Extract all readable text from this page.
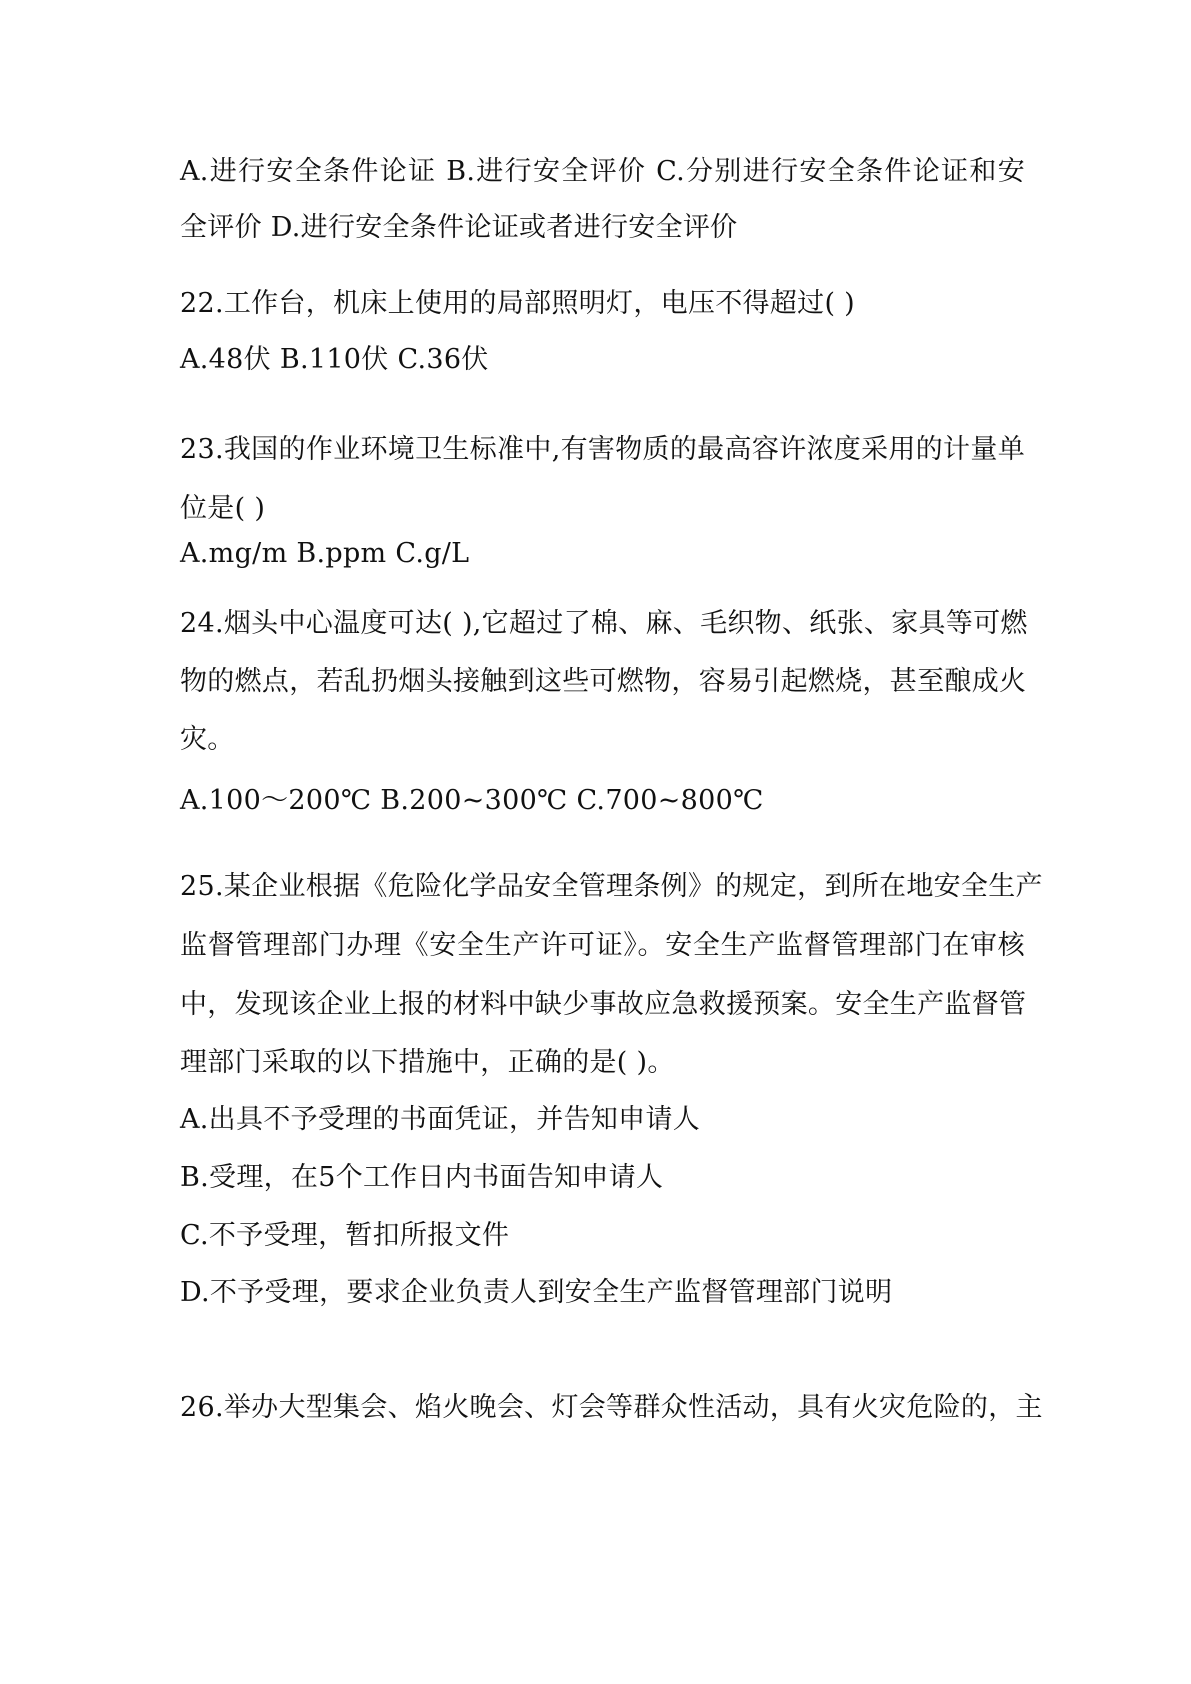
A.进行安全条件论证 B.进行安全评价 C.分别进行安全条件论证和安
全评价 D.进行安全条件论证或者进行安全评价
22.工作台，机床上使用的局部照明灯，电压不得超过( )
A.48伏 B.110伏 C.36伏
23.我国的作业环境卫生标准中,有害物质的最高容许浓度采用的计量单
位是( )
A.mg/m B.ppm C.g/L
24.烟头中心温度可达( ),它超过了棉、麻、毛织物、纸张、家具等可燃
物的燃点，若乱扔烟头接触到这些可燃物，容易引起燃烧，甚至酿成火
灾。
A.100～200℃ B.200~300℃ C.700~800℃
25.某企业根据《危险化学品安全管理条例》的规定，到所在地安全生产
监督管理部门办理《安全生产许可证》。安全生产监督管理部门在审核
中，发现该企业上报的材料中缺少事故应急救援预案。安全生产监督管
理部门采取的以下措施中，正确的是( )。
A.出具不予受理的书面凭证，并告知申请人
B.受理，在5个工作日内书面告知申请人
C.不予受理，暂扣所报文件
D.不予受理，要求企业负责人到安全生产监督管理部门说明
26.举办大型集会、焰火晚会、灯会等群众性活动，具有火灾危险的，主
